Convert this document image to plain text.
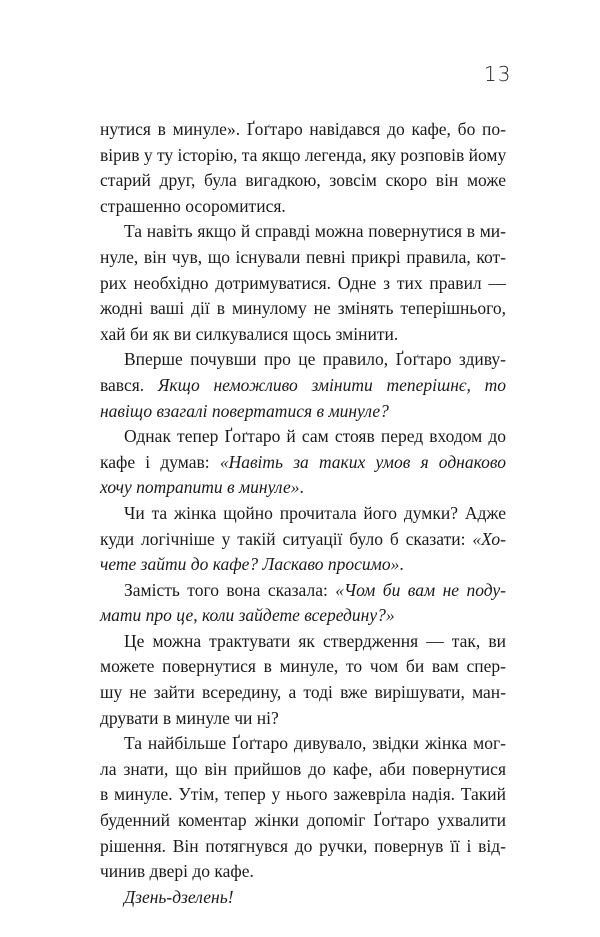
13
нутися в минуле». Ґоґтаро навідався до кафе, бо по-
вірив у ту історію, та якщо легенда, яку розповів йому
старий друг, була вигадкою, зовсім скоро він може
страшенно осоромитися.
Та навіть якщо й справді можна повернутися в ми-
нуле, він чув, що існували певні прикрі правила, кот-
рих необхідно дотримуватися. Одне з тих правил —
жодні ваші дії в минулому не змінять теперішнього,
хай би як ви силкувалися щось змінити.
Вперше почувши про це правило, Ґоґтаро здиву-
вався. Якщо неможливо змінити теперішнє, то
навіщо взагалі повертатися в минуле?
Однак тепер Ґоґтаро й сам стояв перед входом до
кафе і думав: «Навіть за таких умов я однаково
хочу потрапити в минуле».
Чи та жінка щойно прочитала його думки? Адже
куди логічніше у такій ситуації було б сказати: «Хо-
чете зайти до кафе? Ласкаво просимо».
Замість того вона сказала: «Чом би вам не поду-
мати про це, коли зайдете всередину?»
Це можна трактувати як ствердження — так, ви
можете повернутися в минуле, то чом би вам спер-
шу не зайти всередину, а тоді вже вирішувати, ман-
друвати в минуле чи ні?
Та найбільше Ґоґтаро дивувало, звідки жінка мог-
ла знати, що він прийшов до кафе, аби повернутися
в минуле. Утім, тепер у нього зажевріла надія. Такий
буденний коментар жінки допоміг Ґоґтаро ухвалити
рішення. Він потягнувся до ручки, повернув її і від-
чинив двері до кафе.
Дзень-дзелень!
